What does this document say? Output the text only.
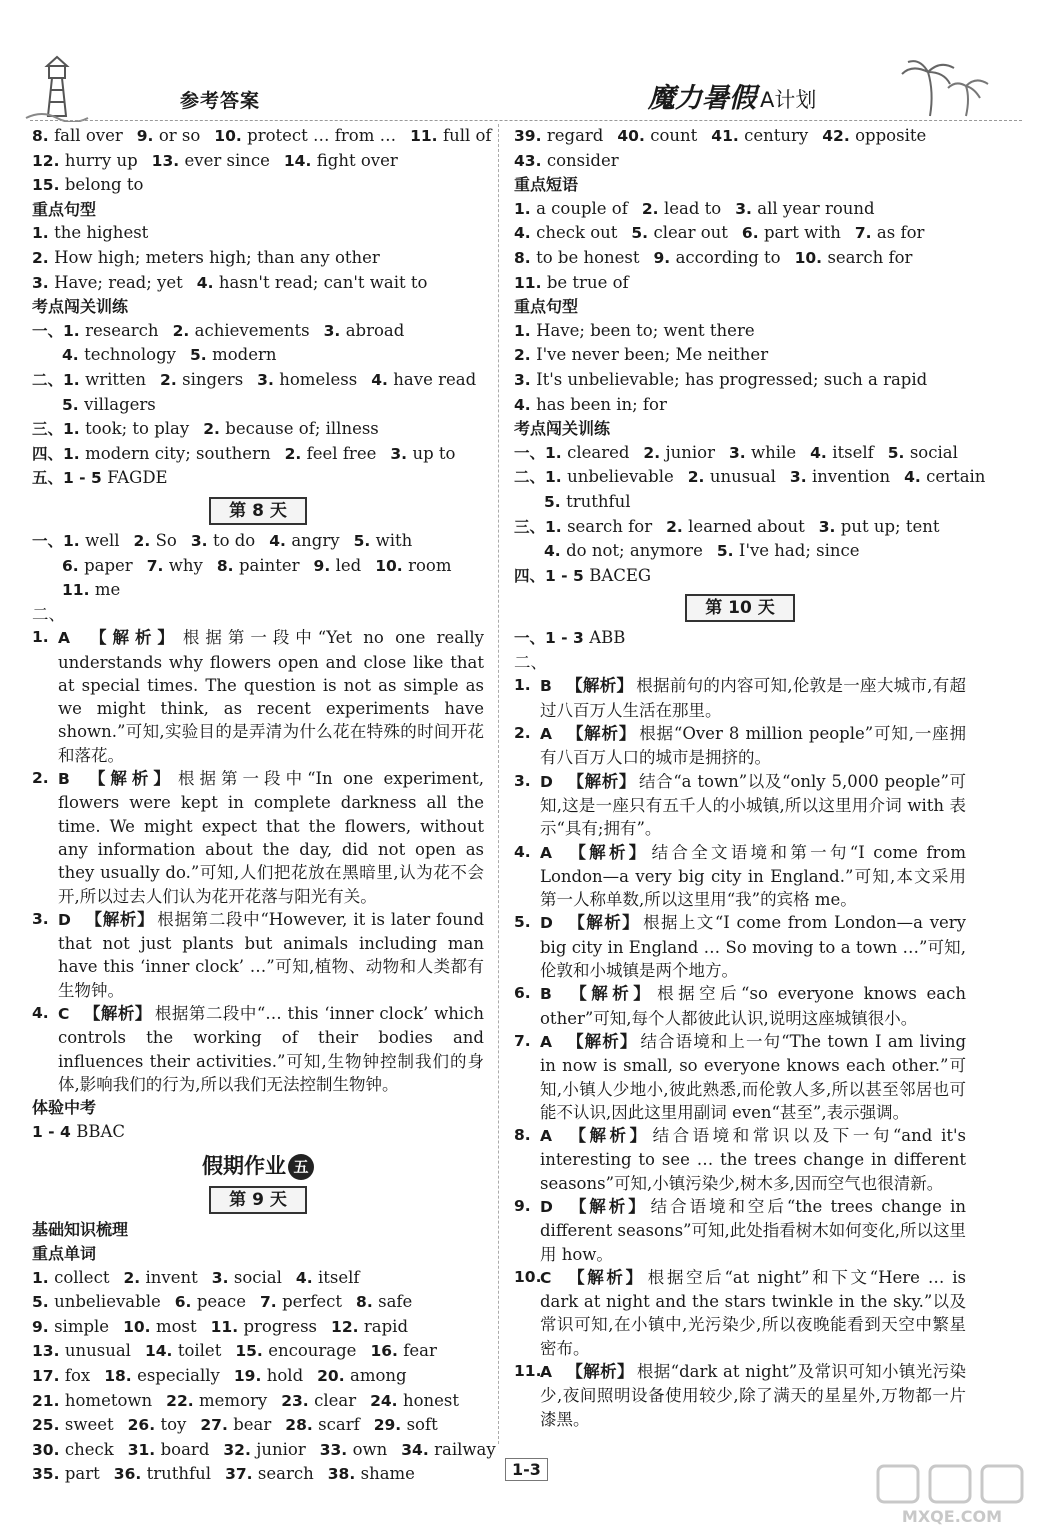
参考答案	魔力暑假 A计划
8. fall over 9. or so 10. protect … from … 11. full of
12. hurry up 13. ever since 14. fight over
15. belong to
重点句型
1. the highest
2. How high; meters high; than any other
3. Have; read; yet 4. hasn't read; can't wait to
考点闯关训练
一、1. research 2. achievements 3. abroad
4. technology 5. modern
二、1. written 2. singers 3. homeless 4. have read
5. villagers
三、1. took; to play 2. because of; illness
四、1. modern city; southern 2. feel free 3. up to
五、1 - 5 FAGDE
第 8 天
一、1. well 2. So 3. to do 4. angry 5. with
6. paper 7. why 8. painter 9. led 10. room
11. me
二、
1. A 【解析】 根据第一段中“Yet no one really understands why flowers open and close like that at special times. The question is not as simple as we might think, as recent experiments have shown.”可知,实验目的是弄清为什么花在特殊的时间开花和落花。
2. B 【解析】 根据第一段中“In one experiment, flowers were kept in complete darkness all the time. We might expect that the flowers, without any information about the day, did not open as they usually do.”可知,人们把花放在黑暗里,认为花不会开,所以过去人们认为花开花落与阳光有关。
3. D 【解析】 根据第二段中“However, it is later found that not just plants but animals including man have this ‘inner clock’ …”可知,植物、动物和人类都有生物钟。
4. C 【解析】 根据第二段中“… this ‘inner clock’ which controls the working of their bodies and influences their activities.”可知,生物钟控制我们的身体,影响我们的行为,所以我们无法控制生物钟。
体验中考
1 - 4 BBAC
假期作业 五
第 9 天
基础知识梳理
重点单词
1. collect 2. invent 3. social 4. itself
5. unbelievable 6. peace 7. perfect 8. safe
9. simple 10. most 11. progress 12. rapid
13. unusual 14. toilet 15. encourage 16. fear
17. fox 18. especially 19. hold 20. among
21. hometown 22. memory 23. clear 24. honest
25. sweet 26. toy 27. bear 28. scarf 29. soft
30. check 31. board 32. junior 33. own 34. railway
35. part 36. truthful 37. search 38. shame
39. regard 40. count 41. century 42. opposite
43. consider
重点短语
1. a couple of 2. lead to 3. all year round
4. check out 5. clear out 6. part with 7. as for
8. to be honest 9. according to 10. search for
11. be true of
重点句型
1. Have; been to; went there
2. I've never been; Me neither
3. It's unbelievable; has progressed; such a rapid
4. has been in; for
考点闯关训练
一、1. cleared 2. junior 3. while 4. itself 5. social
二、1. unbelievable 2. unusual 3. invention 4. certain
5. truthful
三、1. search for 2. learned about 3. put up; tent
4. do not; anymore 5. I've had; since
四、1 - 5 BACEG
第 10 天
一、1 - 3 ABB
二、
1. B 【解析】 根据前句的内容可知,伦敦是一座大城市,有超过八百万人生活在那里。
2. A 【解析】 根据“Over 8 million people”可知,一座拥有八百万人口的城市是拥挤的。
3. D 【解析】 结合“a town”以及“only 5,000 people”可知,这是一座只有五千人的小城镇,所以这里用介词 with 表示“具有;拥有”。
4. A 【解析】 结合全文语境和第一句“I come from London—a very big city in England.”可知,本文采用第一人称单数,所以这里用“我”的宾格 me。
5. D 【解析】 根据上文“I come from London—a very big city in England … So moving to a town …”可知,伦敦和小城镇是两个地方。
6. B 【解析】 根据空后“so everyone knows each other”可知,每个人都彼此认识,说明这座城镇很小。
7. A 【解析】 结合语境和上一句“The town I am living in now is small, so everyone knows each other.”可知,小镇人少地小,彼此熟悉,而伦敦人多,所以甚至邻居也可能不认识,因此这里用副词 even“甚至”,表示强调。
8. A 【解析】 结合语境和常识以及下一句“and it's interesting to see … the trees change in different seasons”可知,小镇污染少,树木多,因而空气也很清新。
9. D 【解析】 结合语境和空后“the trees change in different seasons”可知,此处指看树木如何变化,所以这里用 how。
10.
C 【解析】 根据空后“at night”和下文“Here … is dark at night and the stars twinkle in the sky.”以及常识可知,在小镇中,光污染少,所以夜晚能看到天空中繁星密布。
11.
A 【解析】 根据“dark at night”及常识可知小镇光污染少,夜间照明设备使用较少,除了满天的星星外,万物都一片漆黑。
1-3
MXQE.COM
